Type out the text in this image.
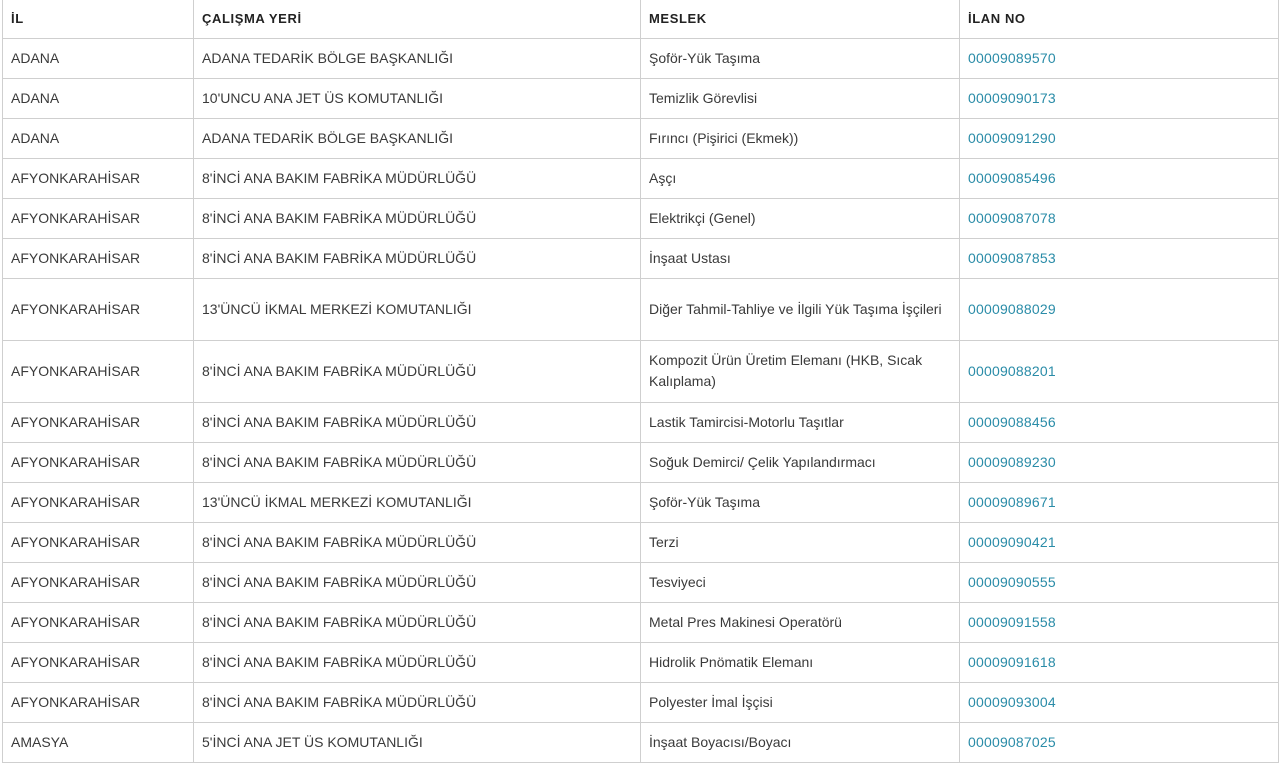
İL	ÇALIŞMA YERİ	MESLEK	İLAN NO
ADANA	ADANA TEDARİK BÖLGE BAŞKANLIĞI	Şoför-Yük Taşıma	00009089570
ADANA	10'UNCU ANA JET ÜS KOMUTANLIĞI	Temizlik Görevlisi	00009090173
ADANA	ADANA TEDARİK BÖLGE BAŞKANLIĞI	Fırıncı (Pişirici (Ekmek))	00009091290
AFYONKARAHİSAR	8'İNCİ ANA BAKIM FABRİKA MÜDÜRLÜĞÜ	Aşçı	00009085496
AFYONKARAHİSAR	8'İNCİ ANA BAKIM FABRİKA MÜDÜRLÜĞÜ	Elektrikçi (Genel)	00009087078
AFYONKARAHİSAR	8'İNCİ ANA BAKIM FABRİKA MÜDÜRLÜĞÜ	İnşaat Ustası	00009087853
AFYONKARAHİSAR	13'ÜNCÜ İKMAL MERKEZİ KOMUTANLIĞI	Diğer Tahmil-Tahliye ve İlgili Yük Taşıma İşçileri	00009088029
AFYONKARAHİSAR	8'İNCİ ANA BAKIM FABRİKA MÜDÜRLÜĞÜ	Kompozit Ürün Üretim Elemanı (HKB, Sıcak Kalıplama)	00009088201
AFYONKARAHİSAR	8'İNCİ ANA BAKIM FABRİKA MÜDÜRLÜĞÜ	Lastik Tamircisi-Motorlu Taşıtlar	00009088456
AFYONKARAHİSAR	8'İNCİ ANA BAKIM FABRİKA MÜDÜRLÜĞÜ	Soğuk Demirci/ Çelik Yapılandırmacı	00009089230
AFYONKARAHİSAR	13'ÜNCÜ İKMAL MERKEZİ KOMUTANLIĞI	Şoför-Yük Taşıma	00009089671
AFYONKARAHİSAR	8'İNCİ ANA BAKIM FABRİKA MÜDÜRLÜĞÜ	Terzi	00009090421
AFYONKARAHİSAR	8'İNCİ ANA BAKIM FABRİKA MÜDÜRLÜĞÜ	Tesviyeci	00009090555
AFYONKARAHİSAR	8'İNCİ ANA BAKIM FABRİKA MÜDÜRLÜĞÜ	Metal Pres Makinesi Operatörü	00009091558
AFYONKARAHİSAR	8'İNCİ ANA BAKIM FABRİKA MÜDÜRLÜĞÜ	Hidrolik Pnömatik Elemanı	00009091618
AFYONKARAHİSAR	8'İNCİ ANA BAKIM FABRİKA MÜDÜRLÜĞÜ	Polyester İmal İşçisi	00009093004
AMASYA	5'İNCİ ANA JET ÜS KOMUTANLIĞI	İnşaat Boyacısı/Boyacı	00009087025
